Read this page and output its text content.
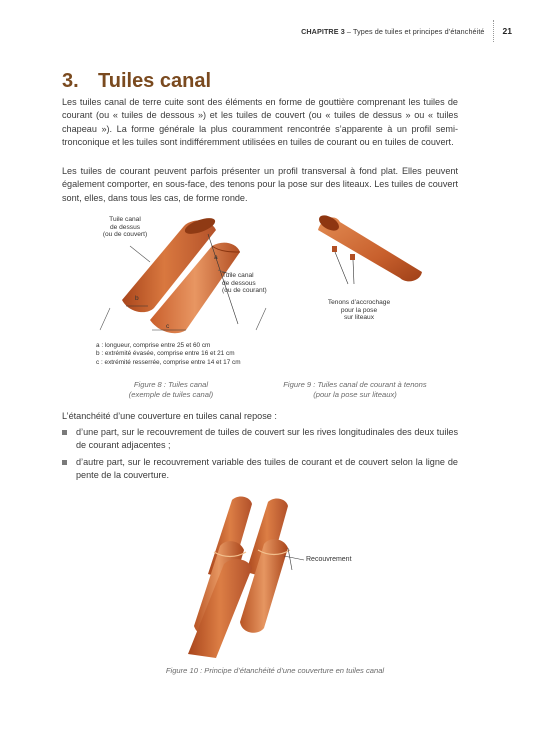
CHAPITRE 3 – Types de tuiles et principes d’étanchéité 21
3. Tuiles canal

Les tuiles canal de terre cuite sont des éléments en forme de gouttière comprenant les tuiles de courant (ou « tuiles de dessous ») et les tuiles de couvert (ou « tuiles de dessus » ou « tuiles chapeau »). La forme générale la plus couramment rencontrée s’apparente à un profil semi-tronconique et les tuiles sont indifféremment utilisées en tuiles de courant ou en tuiles de couvert.

Les tuiles de courant peuvent parfois présenter un profil transversal à fond plat. Elles peuvent également comporter, en sous-face, des tenons pour la pose sur des liteaux. Les tuiles de couvert sont, elles, dans tous les cas, de forme ronde.

Tuile canal
de dessus
(ou de couvert)
Tuile canal
de dessous
(ou de courant)
a
b
c
a : longueur, comprise entre 25 et 60 cm
b : extrémité évasée, comprise entre 16 et 21 cm
c : extrémité resserrée, comprise entre 14 et 17 cm
Figure 8 : Tuiles canal
(exemple de tuiles canal)
Tenons d’accrochage
pour la pose
sur liteaux
Figure 9 : Tuiles canal de courant à tenons
(pour la pose sur liteaux)

L’étanchéité d’une couverture en tuiles canal repose :

d’une part, sur le recouvrement de tuiles de couvert sur les rives longitudinales des deux tuiles de courant adjacentes ;
d’autre part, sur le recouvrement variable des tuiles de courant et de couvert selon la ligne de pente de la couverture.
Recouvrement
Figure 10 : Principe d’étanchéité d’une couverture en tuiles canal
